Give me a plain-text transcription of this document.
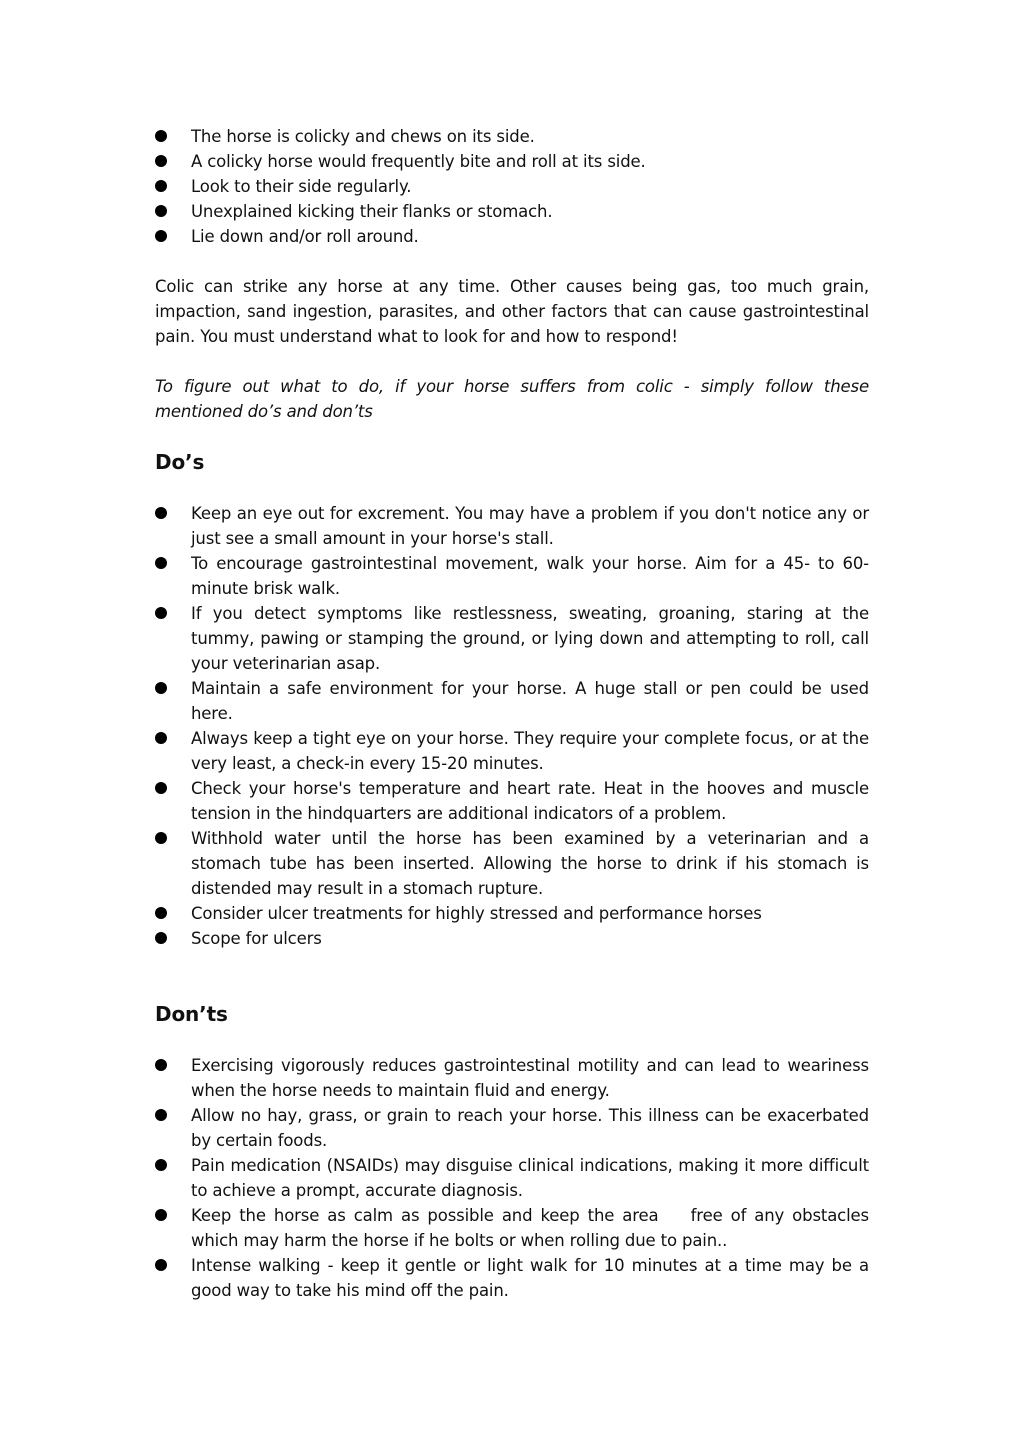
The horse is colicky and chews on its side.
A colicky horse would frequently bite and roll at its side.
Look to their side regularly.
Unexplained kicking their flanks or stomach.
Lie down and/or roll around.

Colic can strike any horse at any time. Other causes being gas, too much grain, impaction, sand ingestion, parasites, and other factors that can cause gastrointestinal pain. You must understand what to look for and how to respond!

To figure out what to do, if your horse suffers from colic - simply follow these mentioned do’s and don’ts

Do’s
Keep an eye out for excrement. You may have a problem if you don't notice any or just see a small amount in your horse's stall.
To encourage gastrointestinal movement, walk your horse. Aim for a 45- to 60-minute brisk walk.
If you detect symptoms like restlessness, sweating, groaning, staring at the tummy, pawing or stamping the ground, or lying down and attempting to roll, call your veterinarian asap.
Maintain a safe environment for your horse. A huge stall or pen could be used here.
Always keep a tight eye on your horse. They require your complete focus, or at the very least, a check-in every 15-20 minutes.
Check your horse's temperature and heart rate. Heat in the hooves and muscle tension in the hindquarters are additional indicators of a problem.
Withhold water until the horse has been examined by a veterinarian and a stomach tube has been inserted. Allowing the horse to drink if his stomach is distended may result in a stomach rupture.
Consider ulcer treatments for highly stressed and performance horses
Scope for ulcers
Don’ts
Exercising vigorously reduces gastrointestinal motility and can lead to weariness when the horse needs to maintain fluid and energy.
Allow no hay, grass, or grain to reach your horse. This illness can be exacerbated by certain foods.
Pain medication (NSAIDs) may disguise clinical indications, making it more difficult to achieve a prompt, accurate diagnosis.
Keep the horse as calm as possible and keep the area    free of any obstacles which may harm the horse if he bolts or when rolling due to pain..
Intense walking - keep it gentle or light walk for 10 minutes at a time may be a good way to take his mind off the pain.
